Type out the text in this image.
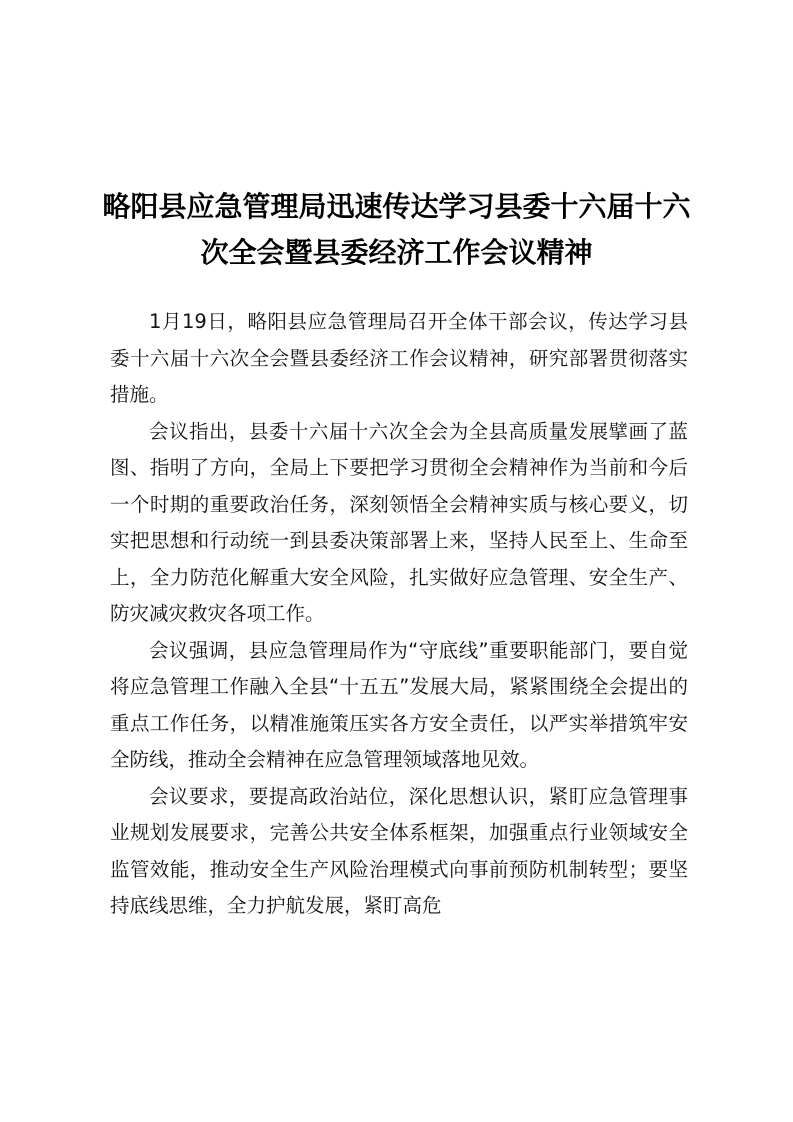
略阳县应急管理局迅速传达学习县委十六届十六
次全会暨县委经济工作会议精神

1月19日，略阳县应急管理局召开全体干部会议，传达学习县委十六届十六次全会暨县委经济工作会议精神，研究部署贯彻落实措施。

会议指出，县委十六届十六次全会为全县高质量发展擘画了蓝图、指明了方向，全局上下要把学习贯彻全会精神作为当前和今后一个时期的重要政治任务，深刻领悟全会精神实质与核心要义，切实把思想和行动统一到县委决策部署上来，坚持人民至上、生命至上，全力防范化解重大安全风险，扎实做好应急管理、安全生产、防灾减灾救灾各项工作。

会议强调，县应急管理局作为“守底线”重要职能部门，要自觉将应急管理工作融入全县“十五五”发展大局，紧紧围绕全会提出的重点工作任务，以精准施策压实各方安全责任，以严实举措筑牢安全防线，推动全会精神在应急管理领域落地见效。

会议要求，要提高政治站位，深化思想认识，紧盯应急管理事业规划发展要求，完善公共安全体系框架，加强重点行业领域安全监管效能，推动安全生产风险治理模式向事前预防机制转型；要坚持底线思维，全力护航发展，紧盯高危
